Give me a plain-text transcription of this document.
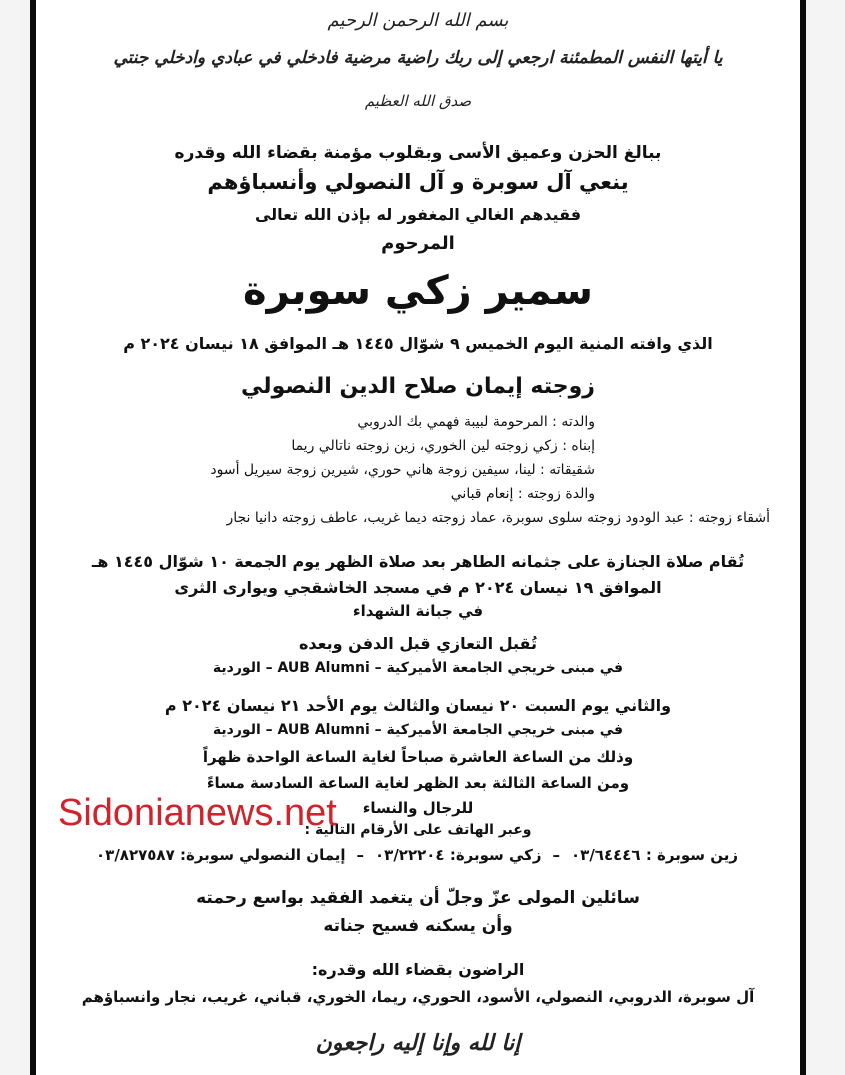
بسم الله الرحمن الرحيم
يا أيتها النفس المطمئنة ارجعي إلى ربك راضية مرضية فادخلي في عبادي وادخلي جنتي
صدق الله العظيم
ببالغ الحزن وعميق الأسى وبقلوب مؤمنة بقضاء الله وقدره
ينعي آل سوبرة و آل النصولي وأنسباؤهم
فقيدهم الغالي المغفور له بإذن الله تعالى
المرحوم
سمير زكي سوبرة
الذي وافته المنية اليوم الخميس ٩ شوّال ١٤٤٥ هـ الموافق ١٨ نيسان ٢٠٢٤ م
زوجته إيمان صلاح الدين النصولي
والدته : المرحومة لبيبة فهمي بك الدروبي
إبناه : زكي زوجته لين الخوري، زين زوجته ناتالي ريما
شقيقاته : لينا، سيفين زوجة هاني حوري، شيرين زوجة سيريل أسود
والدة زوجته : إنعام قباني
أشقاء زوجته : عبد الودود زوجته سلوى سوبرة، عماد زوجته ديما غريب، عاطف زوجته دانيا نجار
تُقام صلاة الجنازة على جثمانه الطاهر بعد صلاة الظهر يوم الجمعة ١٠ شوّال ١٤٤٥ هـ
الموافق ١٩ نيسان ٢٠٢٤ م في مسجد الخاشقجي ويوارى الثرى
في جبانة الشهداء
تُقبل التعازي قبل الدفن وبعده
في مبنى خريجي الجامعة الأميركية – AUB Alumni – الوردية
والثاني يوم السبت ٢٠ نيسان والثالث يوم الأحد ٢١ نيسان ٢٠٢٤ م
في مبنى خريجي الجامعة الأميركية – AUB Alumni – الوردية
وذلك من الساعة العاشرة صباحاً لغاية الساعة الواحدة ظهراً
ومن الساعة الثالثة بعد الظهر لغاية الساعة السادسة مساءً
للرجال والنساء
وعبر الهاتف على الأرقام التالية :
إيمان النصولي سوبرة: ٠٣/٨٢٧٥٨٧ – زكي سوبرة: ٠٣/٢٢٢٠٤ – زين سوبرة : ٠٣/٦٤٤٤٦
سائلين المولى عزّ وجلّ أن يتغمد الفقيد بواسع رحمته
وأن يسكنه فسيح جناته
الراضون بقضاء الله وقدره:
آل سوبرة، الدروبي، النصولي، الأسود، الحوري، ريما، الخوري، قباني، غريب، نجار وانسباؤهم
إنا لله وإنا إليه راجعون
Sidonianews.net
